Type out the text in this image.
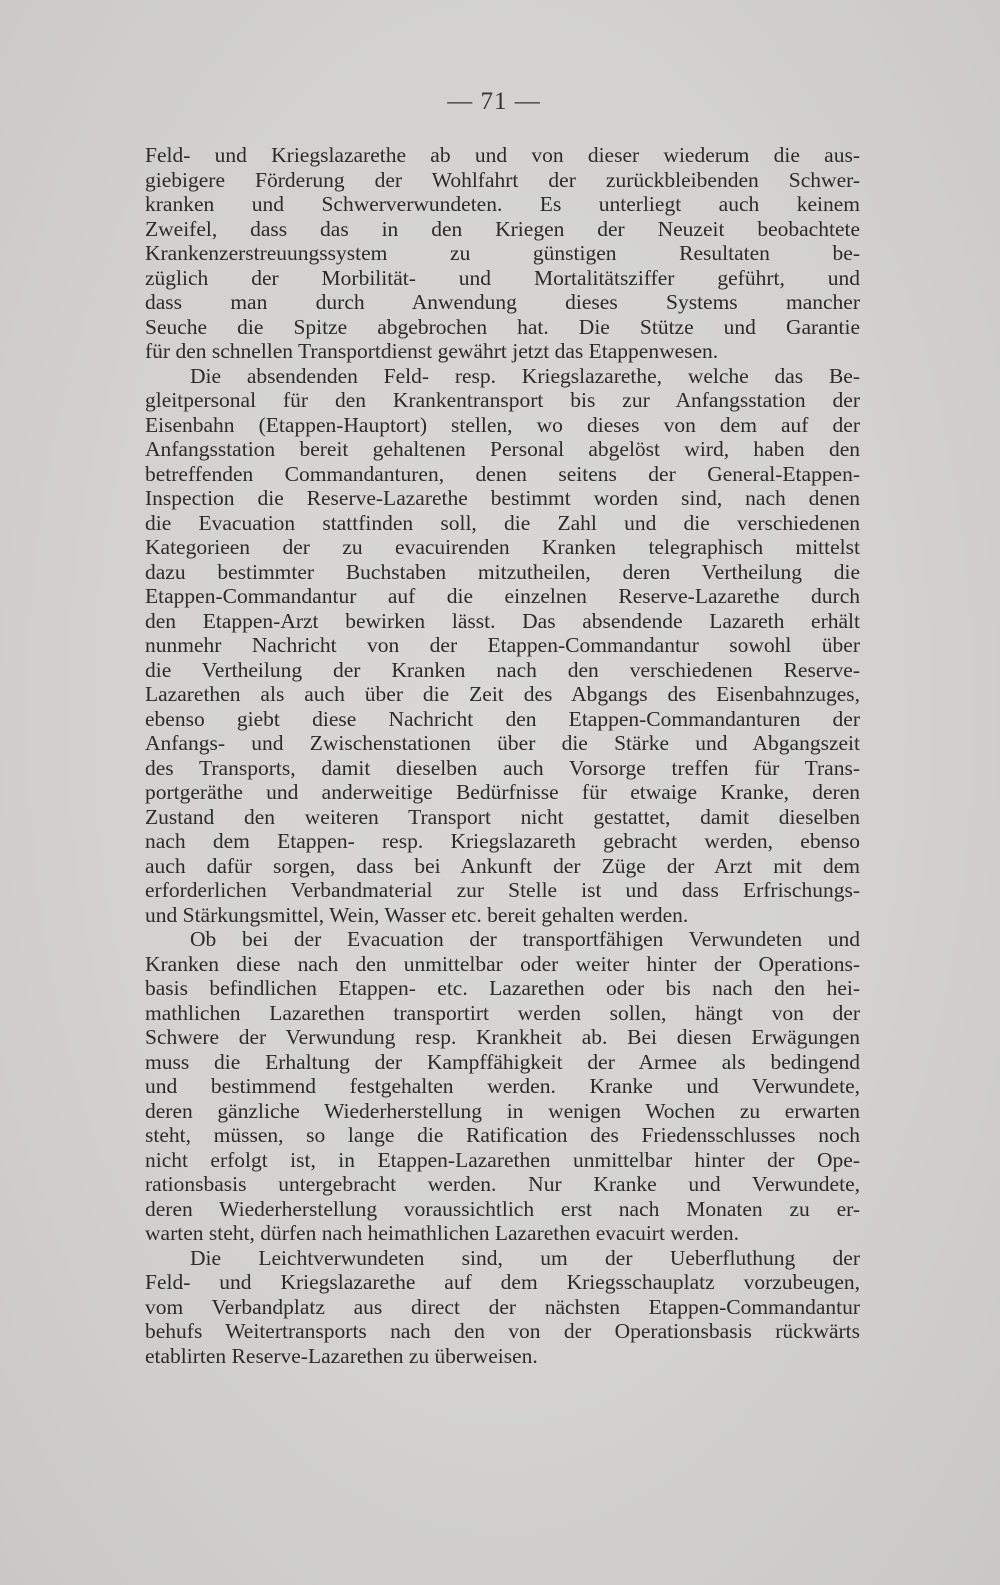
— 71 —

Feld- und Kriegslazarethe ab und von dieser wiederum die aus-
giebigere Förderung der Wohlfahrt der zurückbleibenden Schwer-
kranken und Schwerverwundeten. Es unterliegt auch keinem
Zweifel, dass das in den Kriegen der Neuzeit beobachtete
Krankenzerstreuungssystem zu günstigen Resultaten be-
züglich der Morbilität- und Mortalitätsziffer geführt, und
dass man durch Anwendung dieses Systems mancher
Seuche die Spitze abgebrochen hat. Die Stütze und Garantie
für den schnellen Transportdienst gewährt jetzt das Etappenwesen.

Die absendenden Feld- resp. Kriegslazarethe, welche das Be-
gleitpersonal für den Krankentransport bis zur Anfangsstation der
Eisenbahn (Etappen-Hauptort) stellen, wo dieses von dem auf der
Anfangsstation bereit gehaltenen Personal abgelöst wird, haben den
betreffenden Commandanturen, denen seitens der General-Etappen-
Inspection die Reserve-Lazarethe bestimmt worden sind, nach denen
die Evacuation stattfinden soll, die Zahl und die verschiedenen
Kategorieen der zu evacuirenden Kranken telegraphisch mittelst
dazu bestimmter Buchstaben mitzutheilen, deren Vertheilung die
Etappen-Commandantur auf die einzelnen Reserve-Lazarethe durch
den Etappen-Arzt bewirken lässt. Das absendende Lazareth erhält
nunmehr Nachricht von der Etappen-Commandantur sowohl über
die Vertheilung der Kranken nach den verschiedenen Reserve-
Lazarethen als auch über die Zeit des Abgangs des Eisenbahnzuges,
ebenso giebt diese Nachricht den Etappen-Commandanturen der
Anfangs- und Zwischenstationen über die Stärke und Abgangszeit
des Transports, damit dieselben auch Vorsorge treffen für Trans-
portgeräthe und anderweitige Bedürfnisse für etwaige Kranke, deren
Zustand den weiteren Transport nicht gestattet, damit dieselben
nach dem Etappen- resp. Kriegslazareth gebracht werden, ebenso
auch dafür sorgen, dass bei Ankunft der Züge der Arzt mit dem
erforderlichen Verbandmaterial zur Stelle ist und dass Erfrischungs-
und Stärkungsmittel, Wein, Wasser etc. bereit gehalten werden.

Ob bei der Evacuation der transportfähigen Verwundeten und
Kranken diese nach den unmittelbar oder weiter hinter der Operations-
basis befindlichen Etappen- etc. Lazarethen oder bis nach den hei-
mathlichen Lazarethen transportirt werden sollen, hängt von der
Schwere der Verwundung resp. Krankheit ab. Bei diesen Erwägungen
muss die Erhaltung der Kampffähigkeit der Armee als bedingend
und bestimmend festgehalten werden. Kranke und Verwundete,
deren gänzliche Wiederherstellung in wenigen Wochen zu erwarten
steht, müssen, so lange die Ratification des Friedensschlusses noch
nicht erfolgt ist, in Etappen-Lazarethen unmittelbar hinter der Ope-
rationsbasis untergebracht werden. Nur Kranke und Verwundete,
deren Wiederherstellung voraussichtlich erst nach Monaten zu er-
warten steht, dürfen nach heimathlichen Lazarethen evacuirt werden.

Die Leichtverwundeten sind, um der Ueberfluthung der
Feld- und Kriegslazarethe auf dem Kriegsschauplatz vorzubeugen,
vom Verbandplatz aus direct der nächsten Etappen-Commandantur
behufs Weitertransports nach den von der Operationsbasis rückwärts
etablirten Reserve-Lazarethen zu überweisen.
